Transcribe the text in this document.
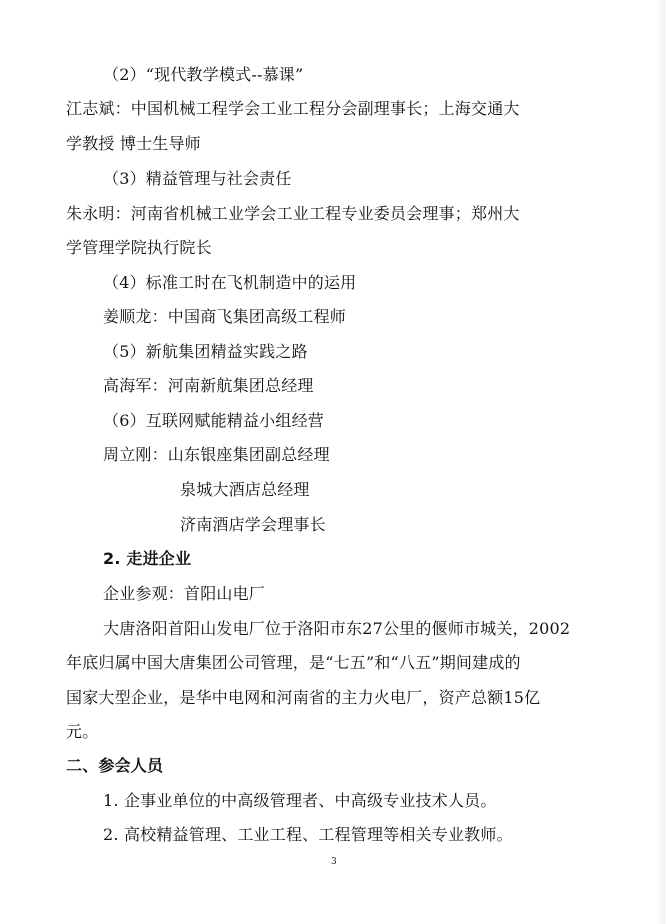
（2）“现代教学模式--慕课”
江志斌：中国机械工程学会工业工程分会副理事长；上海交通大
学教授 博士生导师
（3）精益管理与社会责任
朱永明：河南省机械工业学会工业工程专业委员会理事；郑州大
学管理学院执行院长
（4）标准工时在飞机制造中的运用
姜顺龙：中国商飞集团高级工程师
（5）新航集团精益实践之路
高海军：河南新航集团总经理
（6）互联网赋能精益小组经营
周立刚：山东银座集团副总经理
泉城大酒店总经理
济南酒店学会理事长
2. 走进企业
企业参观：首阳山电厂
大唐洛阳首阳山发电厂位于洛阳市东27公里的偃师市城关，2002
年底归属中国大唐集团公司管理，是“七五”和“八五”期间建成的
国家大型企业，是华中电网和河南省的主力火电厂，资产总额15亿
元。
二、参会人员
1. 企事业单位的中高级管理者、中高级专业技术人员。
2. 高校精益管理、工业工程、工程管理等相关专业教师。
3
